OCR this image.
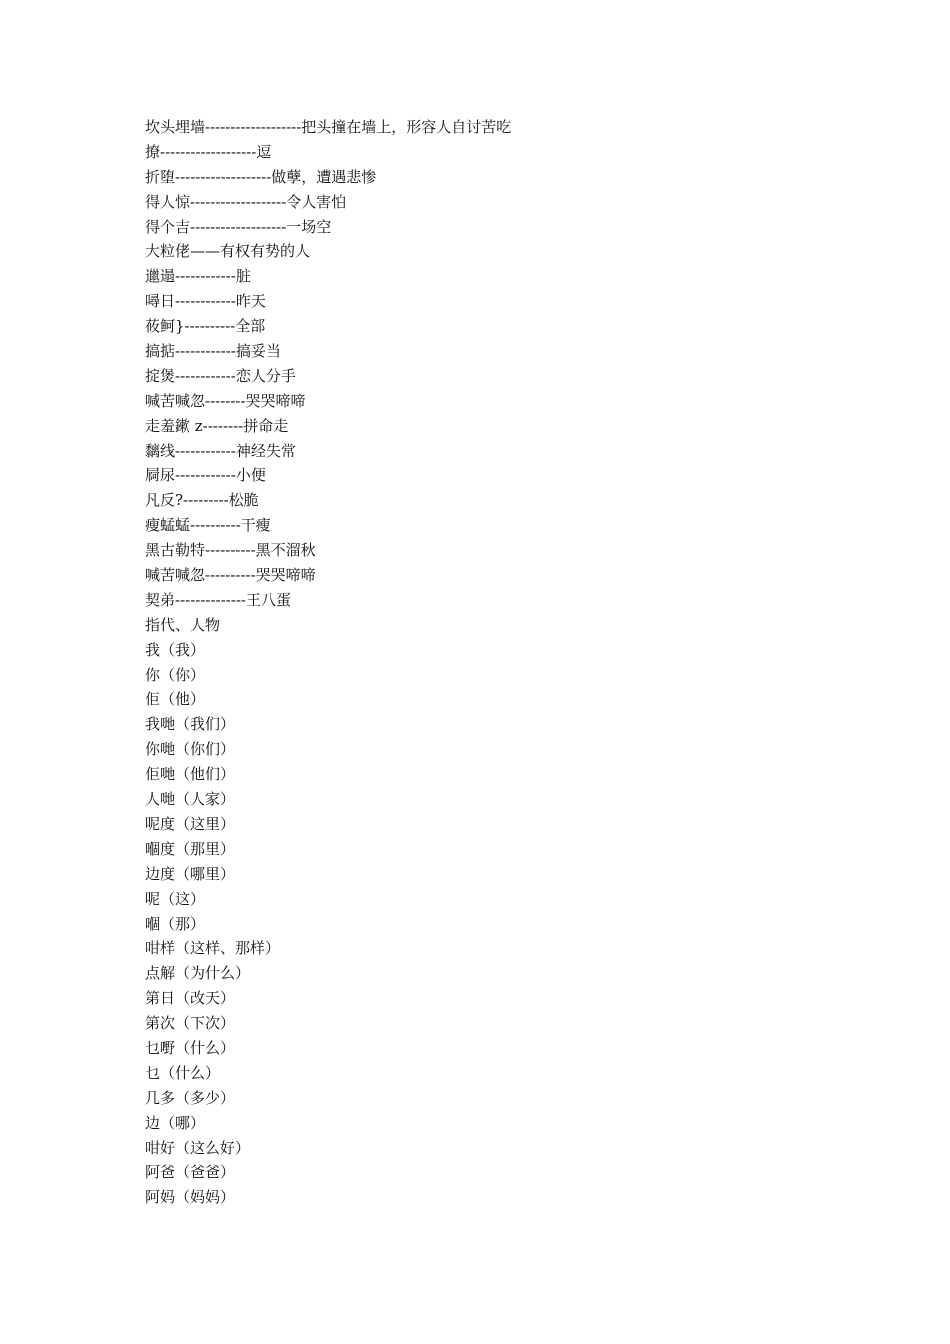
坎头埋墙-------------------把头撞在墙上，形容人自讨苦吃
撩-------------------逗
折堕-------------------做孽，遭遇悲惨
得人惊-------------------令人害怕
得个吉-------------------一场空
大粒佬——有权有势的人
邋遢------------脏
噚日------------昨天
莜鲄}----------全部
搞掂------------搞妥当
掟煲------------恋人分手
喊苦喊忽--------哭哭啼啼
走羞鏉 z--------拼命走
黐线------------神经失常
屙尿------------小便
凡反?---------松脆
瘦蜢蜢----------干瘦
黑古勒特----------黑不溜秋
喊苦喊忽----------哭哭啼啼
契弟--------------王八蛋
指代、人物
我（我）
你（你）
佢（他）
我哋（我们）
你哋（你们）
佢哋（他们）
人哋（人家）
呢度（这里）
嗰度（那里）
边度（哪里）
呢（这）
嗰（那）
咁样（这样、那样）
点解（为什么）
第日（改天）
第次（下次）
乜嘢（什么）
乜（什么）
几多（多少）
边（哪）
咁好（这么好）
阿爸（爸爸）
阿妈（妈妈）
